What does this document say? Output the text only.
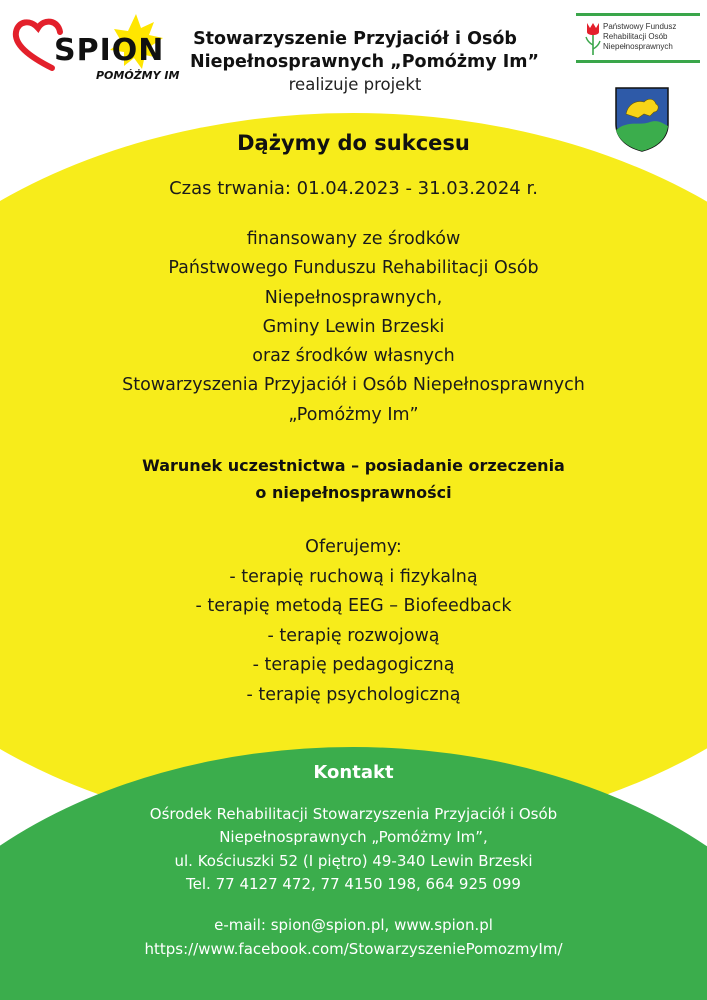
SPION
POMÓŻMY IM
Stowarzyszenie Przyjaciół i Osób
Niepełnosprawnych „Pomóżmy Im”
realizuje projekt
Państwowy Fundusz
Rehabilitacji Osób
Niepełnosprawnych
Dążymy do sukcesu
Czas trwania: 01.04.2023 - 31.03.2024 r.
finansowany ze środków
Państwowego Funduszu Rehabilitacji Osób
Niepełnosprawnych,
Gminy Lewin Brzeski
oraz środków własnych
Stowarzyszenia Przyjaciół i Osób Niepełnosprawnych
„Pomóżmy Im”
Warunek uczestnictwa – posiadanie orzeczenia
o niepełnosprawności
Oferujemy:
- terapię ruchową i fizykalną
- terapię metodą EEG – Biofeedback
- terapię rozwojową
- terapię pedagogiczną
- terapię psychologiczną
Kontakt
Ośrodek Rehabilitacji Stowarzyszenia Przyjaciół i Osób
Niepełnosprawnych „Pomóżmy Im”,
ul. Kościuszki 52 (I piętro) 49-340 Lewin Brzeski
Tel. 77 4127 472, 77 4150 198, 664 925 099
e-mail: spion@spion.pl, www.spion.pl
https://www.facebook.com/StowarzyszeniePomozmyIm/
